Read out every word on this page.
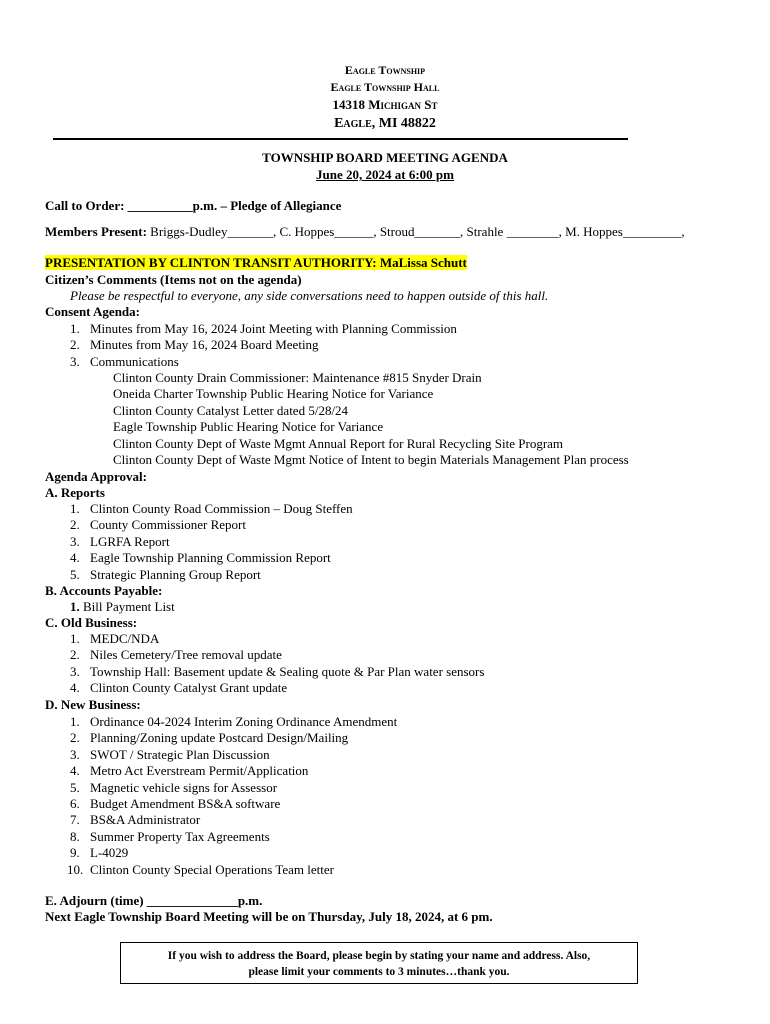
Eagle Township
Eagle Township Hall
14318 Michigan St
Eagle, MI 48822
TOWNSHIP BOARD MEETING AGENDA
June 20, 2024 at 6:00 pm
Call to Order: __________p.m. – Pledge of Allegiance
Members Present: Briggs-Dudley_______, C. Hoppes______, Stroud_______, Strahle ________, M. Hoppes_________,
PRESENTATION BY CLINTON TRANSIT AUTHORITY: MaLissa Schutt
Citizen’s Comments (Items not on the agenda)
Please be respectful to everyone, any side conversations need to happen outside of this hall.
Consent Agenda:
1. Minutes from May 16, 2024 Joint Meeting with Planning Commission
2. Minutes from May 16, 2024 Board Meeting
3. Communications
Clinton County Drain Commissioner: Maintenance #815 Snyder Drain
Oneida Charter Township Public Hearing Notice for Variance
Clinton County Catalyst Letter dated 5/28/24
Eagle Township Public Hearing Notice for Variance
Clinton County Dept of Waste Mgmt Annual Report for Rural Recycling Site Program
Clinton County Dept of Waste Mgmt Notice of Intent to begin Materials Management Plan process
Agenda Approval:
A. Reports
1. Clinton County Road Commission – Doug Steffen
2. County Commissioner Report
3. LGRFA Report
4. Eagle Township Planning Commission Report
5. Strategic Planning Group Report
B. Accounts Payable:
1. Bill Payment List
C. Old Business:
1. MEDC/NDA
2. Niles Cemetery/Tree removal update
3. Township Hall: Basement update & Sealing quote & Par Plan water sensors
4. Clinton County Catalyst Grant update
D. New Business:
1. Ordinance 04-2024 Interim Zoning Ordinance Amendment
2. Planning/Zoning update Postcard Design/Mailing
3. SWOT / Strategic Plan Discussion
4. Metro Act Everstream Permit/Application
5. Magnetic vehicle signs for Assessor
6. Budget Amendment BS&A software
7. BS&A Administrator
8. Summer Property Tax Agreements
9. L-4029
10. Clinton County Special Operations Team letter
E. Adjourn (time) ______________p.m.
Next Eagle Township Board Meeting will be on Thursday, July 18, 2024, at 6 pm.
If you wish to address the Board, please begin by stating your name and address. Also,
please limit your comments to 3 minutes…thank you.
